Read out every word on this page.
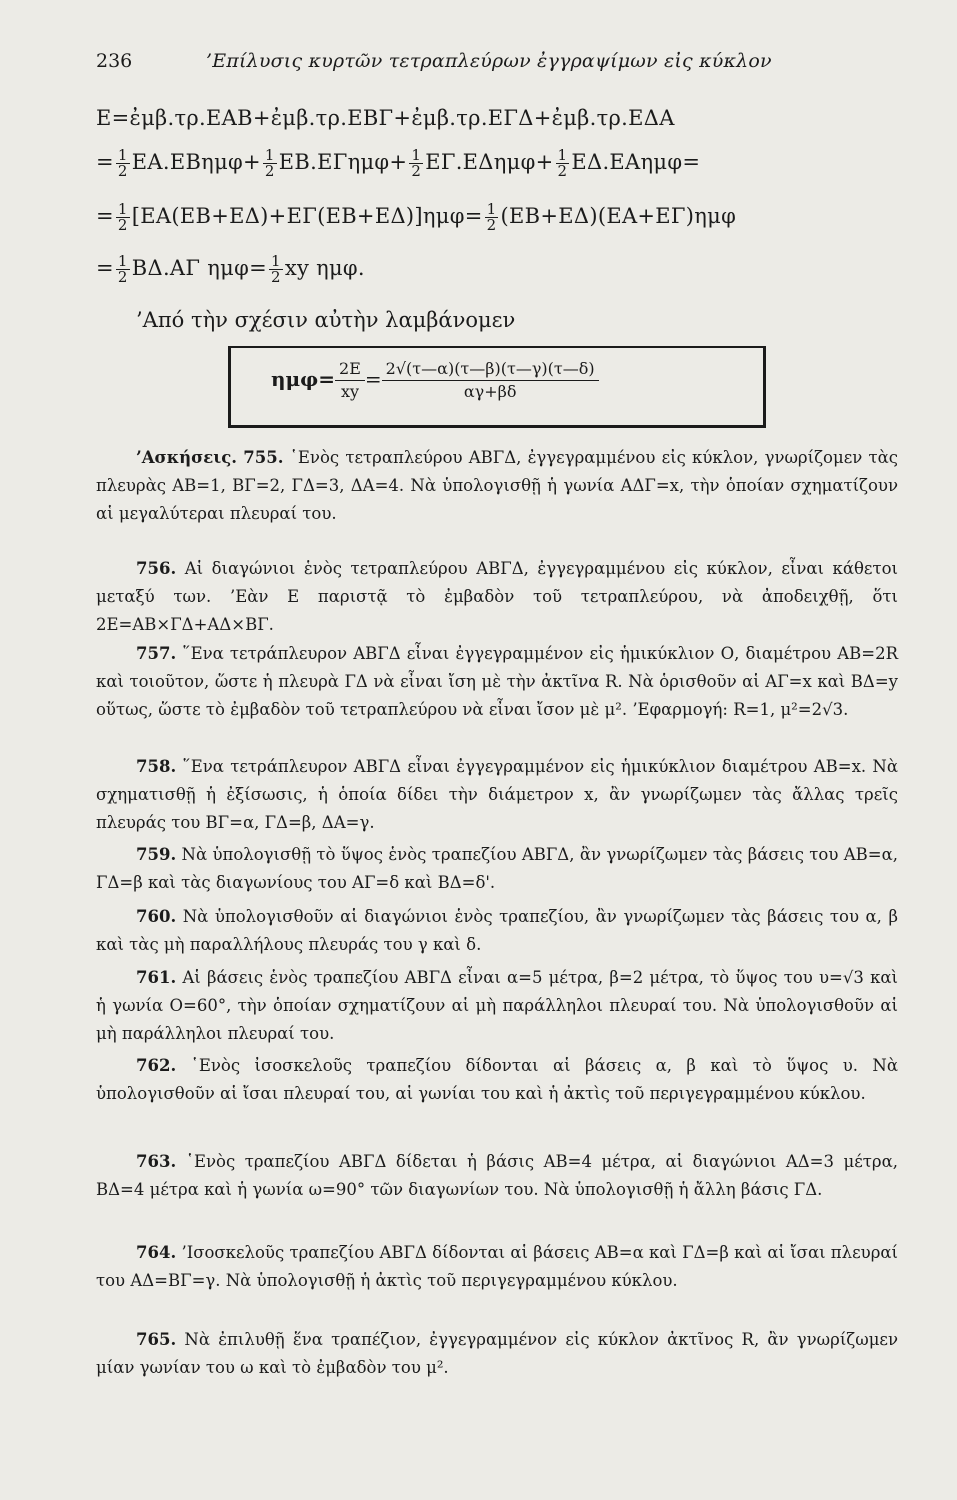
236	’Επίλυσις κυρτῶν τετραπλεύρων ἐγγραψίμων εἰς κύκλον
Ε=ἐμβ.τρ.ΕΑΒ+ἐμβ.τρ.ΕΒΓ+ἐμβ.τρ.ΕΓΔ+ἐμβ.τρ.ΕΔΑ
= $\frac{1}{2} EA.EB\eta\mu\varphi+ \frac{1}{2} EB.E\Gamma\eta\mu\varphi+ \frac{1}{2} E\Gamma.E\Delta\eta\mu\varphi+ \frac{1}{2} E\Delta.EA\eta\mu\varphi=$
= $\frac{1}{2} [EA(EB+E\Delta)+E\Gamma(EB+E\Delta)]\eta\mu\varphi= \frac{1}{2} (EB+E\Delta)(EA+E\Gamma)\eta\mu\varphi$
= $\frac{1}{2} B\Delta.A\Gamma$ $\eta\mu\varphi= \frac{1}{2}$ xy ημφ.
’Από τὴν σχέσιν αὐτὴν λαμβάνομεν
$\eta\mu\varphi= \frac{2E}{xy} = \frac{2√(\tau—\alpha)(\tau—\beta)(\tau—\gamma)(\tau—\delta)}{\alpha\gamma+\beta\delta}$
’Ασκήσεις. 755. ῾Ενὸς τετραπλεύρου ΑΒΓΔ, ἐγγεγραμμένου εἰς κύκλον, γνωρίζομεν τὰς πλευρὰς ΑΒ=1, ΒΓ=2, ΓΔ=3, ΔΑ=4. Νὰ ὑπολογισθῇ ἡ γωνία ΑΔΓ=x, τὴν ὁποίαν σχηματίζουν αἱ μεγαλύτεραι πλευραί του.
756. Αἱ διαγώνιοι ἑνὸς τετραπλεύρου ΑΒΓΔ, ἐγγεγραμμένου εἰς κύκλον, εἶναι κάθετοι μεταξύ των. ’Εὰν Ε παριστᾷ τὸ ἐμβαδὸν τοῦ τετραπλεύρου, νὰ ἀποδειχθῇ, ὅτι 2Ε=ΑΒ×ΓΔ+ΑΔ×ΒΓ.
757. ῞Ενα τετράπλευρον ΑΒΓΔ εἶναι ἐγγεγραμμένον εἰς ἡμικύκλιον Ο, διαμέτρου ΑΒ=2R καὶ τοιοῦτον, ὥστε ἡ πλευρὰ ΓΔ νὰ εἶναι ἴση μὲ τὴν ἀκτῖνα R. Νὰ ὁρισθοῦν αἱ ΑΓ=x καὶ ΒΔ=y οὕτως, ὥστε τὸ ἐμβαδὸν τοῦ τετραπλεύρου νὰ εἶναι ἴσον μὲ μ². ’Εφαρμογή: R=1, μ²=2√3.
758. ῞Ενα τετράπλευρον ΑΒΓΔ εἶναι ἐγγεγραμμένον εἰς ἡμικύκλιον διαμέτρου ΑΒ=x. Νὰ σχηματισθῇ ἡ ἐξίσωσις, ἡ ὁποία δίδει τὴν διάμετρον x, ἂν γνωρίζωμεν τὰς ἄλλας τρεῖς πλευράς του ΒΓ=α, ΓΔ=β, ΔΑ=γ.
759. Νὰ ὑπολογισθῇ τὸ ὕψος ἑνὸς τραπεζίου ΑΒΓΔ, ἂν γνωρίζωμεν τὰς βάσεις του ΑΒ=α, ΓΔ=β καὶ τὰς διαγωνίους του ΑΓ=δ καὶ ΒΔ=δ'.
760. Νὰ ὑπολογισθοῦν αἱ διαγώνιοι ἑνὸς τραπεζίου, ἂν γνωρίζωμεν τὰς βάσεις του α, β καὶ τὰς μὴ παραλλήλους πλευράς του γ καὶ δ.
761. Αἱ βάσεις ἑνὸς τραπεζίου ΑΒΓΔ εἶναι α=5 μέτρα, β=2 μέτρα, τὸ ὕψος του υ=√3 καὶ ἡ γωνία Ο=60°, τὴν ὁποίαν σχηματίζουν αἱ μὴ παράλληλοι πλευραί του. Νὰ ὑπολογισθοῦν αἱ μὴ παράλληλοι πλευραί του.
762. ῾Ενὸς ἰσοσκελοῦς τραπεζίου δίδονται αἱ βάσεις α, β καὶ τὸ ὕψος υ. Νὰ ὑπολογισθοῦν αἱ ἴσαι πλευραί του, αἱ γωνίαι του καὶ ἡ ἀκτὶς τοῦ περιγεγραμμένου κύκλου.
763. ῾Ενὸς τραπεζίου ΑΒΓΔ δίδεται ἡ βάσις ΑΒ=4 μέτρα, αἱ διαγώνιοι ΑΔ=3 μέτρα, ΒΔ=4 μέτρα καὶ ἡ γωνία ω=90° τῶν διαγωνίων του. Νὰ ὑπολογισθῇ ἡ ἄλλη βάσις ΓΔ.
764. ’Ισοσκελοῦς τραπεζίου ΑΒΓΔ δίδονται αἱ βάσεις ΑΒ=α καὶ ΓΔ=β καὶ αἱ ἴσαι πλευραί του ΑΔ=ΒΓ=γ. Νὰ ὑπολογισθῇ ἡ ἀκτὶς τοῦ περιγεγραμμένου κύκλου.
765. Νὰ ἐπιλυθῇ ἕνα τραπέζιον, ἐγγεγραμμένον εἰς κύκλον ἀκτῖνος R, ἂν γνωρίζωμεν μίαν γωνίαν του ω καὶ τὸ ἐμβαδὸν του μ².
